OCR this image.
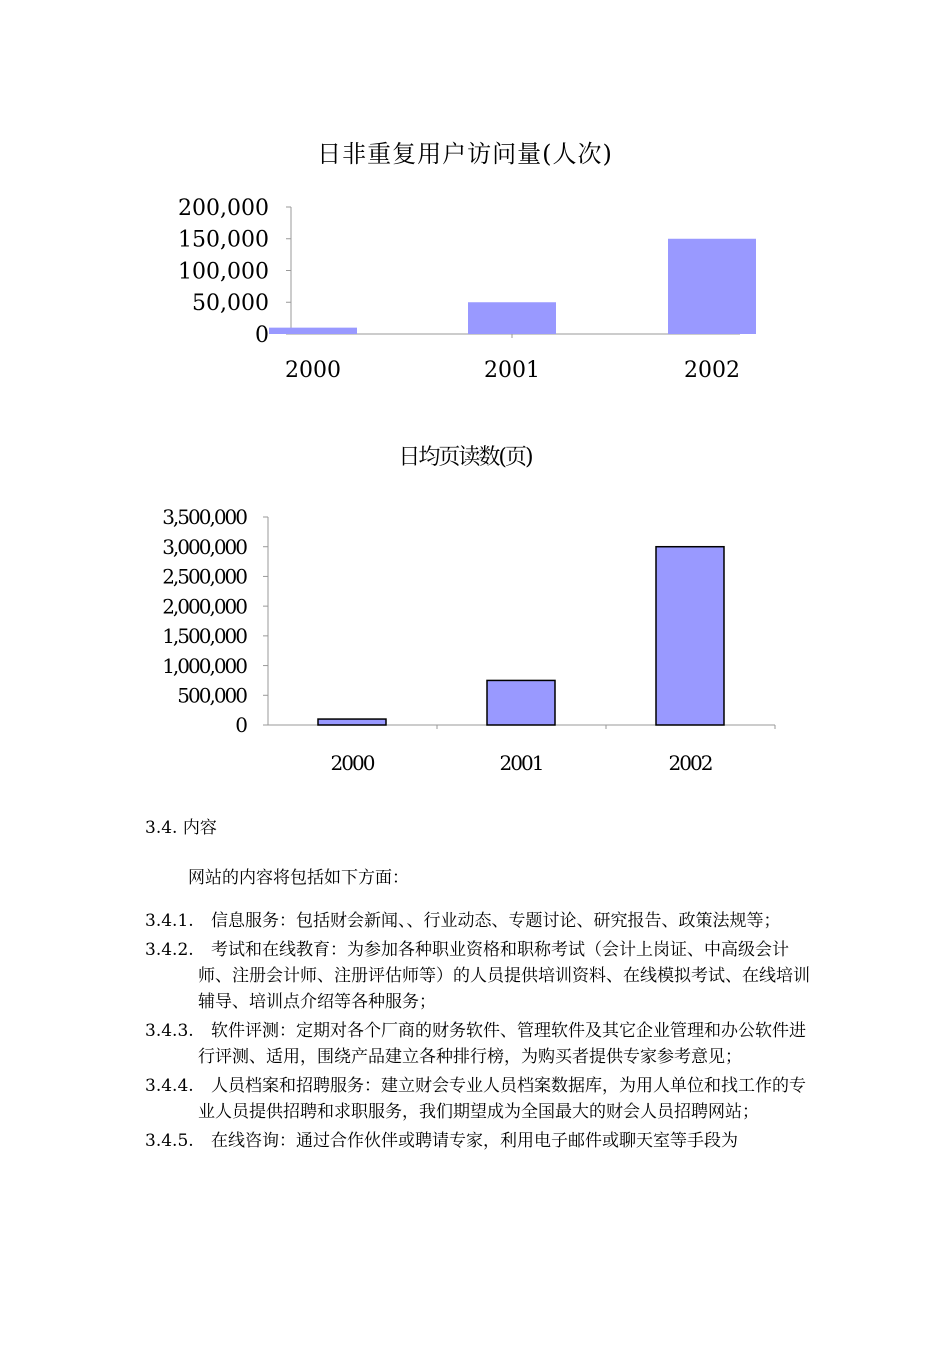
日非重复用户访问量(人次)
200,000
150,000
100,000
50,000
0
2000	2001	2002
日均页读数(页)
3,500,000
3,000,000
2,500,000
2,000,000
1,500,000
1,000,000
500,000
0
2000	2001	2002
3.4. 内容
网站的内容将包括如下方面：
3.4.1.	信息服务：包括财会新闻、、行业动态、专题讨论、研究报告、政策法规等；
3.4.2.	考试和在线教育：为参加各种职业资格和职称考试（会计上岗证、中高级会计师、注册会计师、注册评估师等）的人员提供培训资料、在线模拟考试、在线培训辅导、培训点介绍等各种服务；
3.4.3.	软件评测：定期对各个厂商的财务软件、管理软件及其它企业管理和办公软件进行评测、适用，围绕产品建立各种排行榜，为购买者提供专家参考意见；
3.4.4.	人员档案和招聘服务：建立财会专业人员档案数据库，为用人单位和找工作的专业人员提供招聘和求职服务，我们期望成为全国最大的财会人员招聘网站；
3.4.5.	在线咨询：通过合作伙伴或聘请专家，利用电子邮件或聊天室等手段为
